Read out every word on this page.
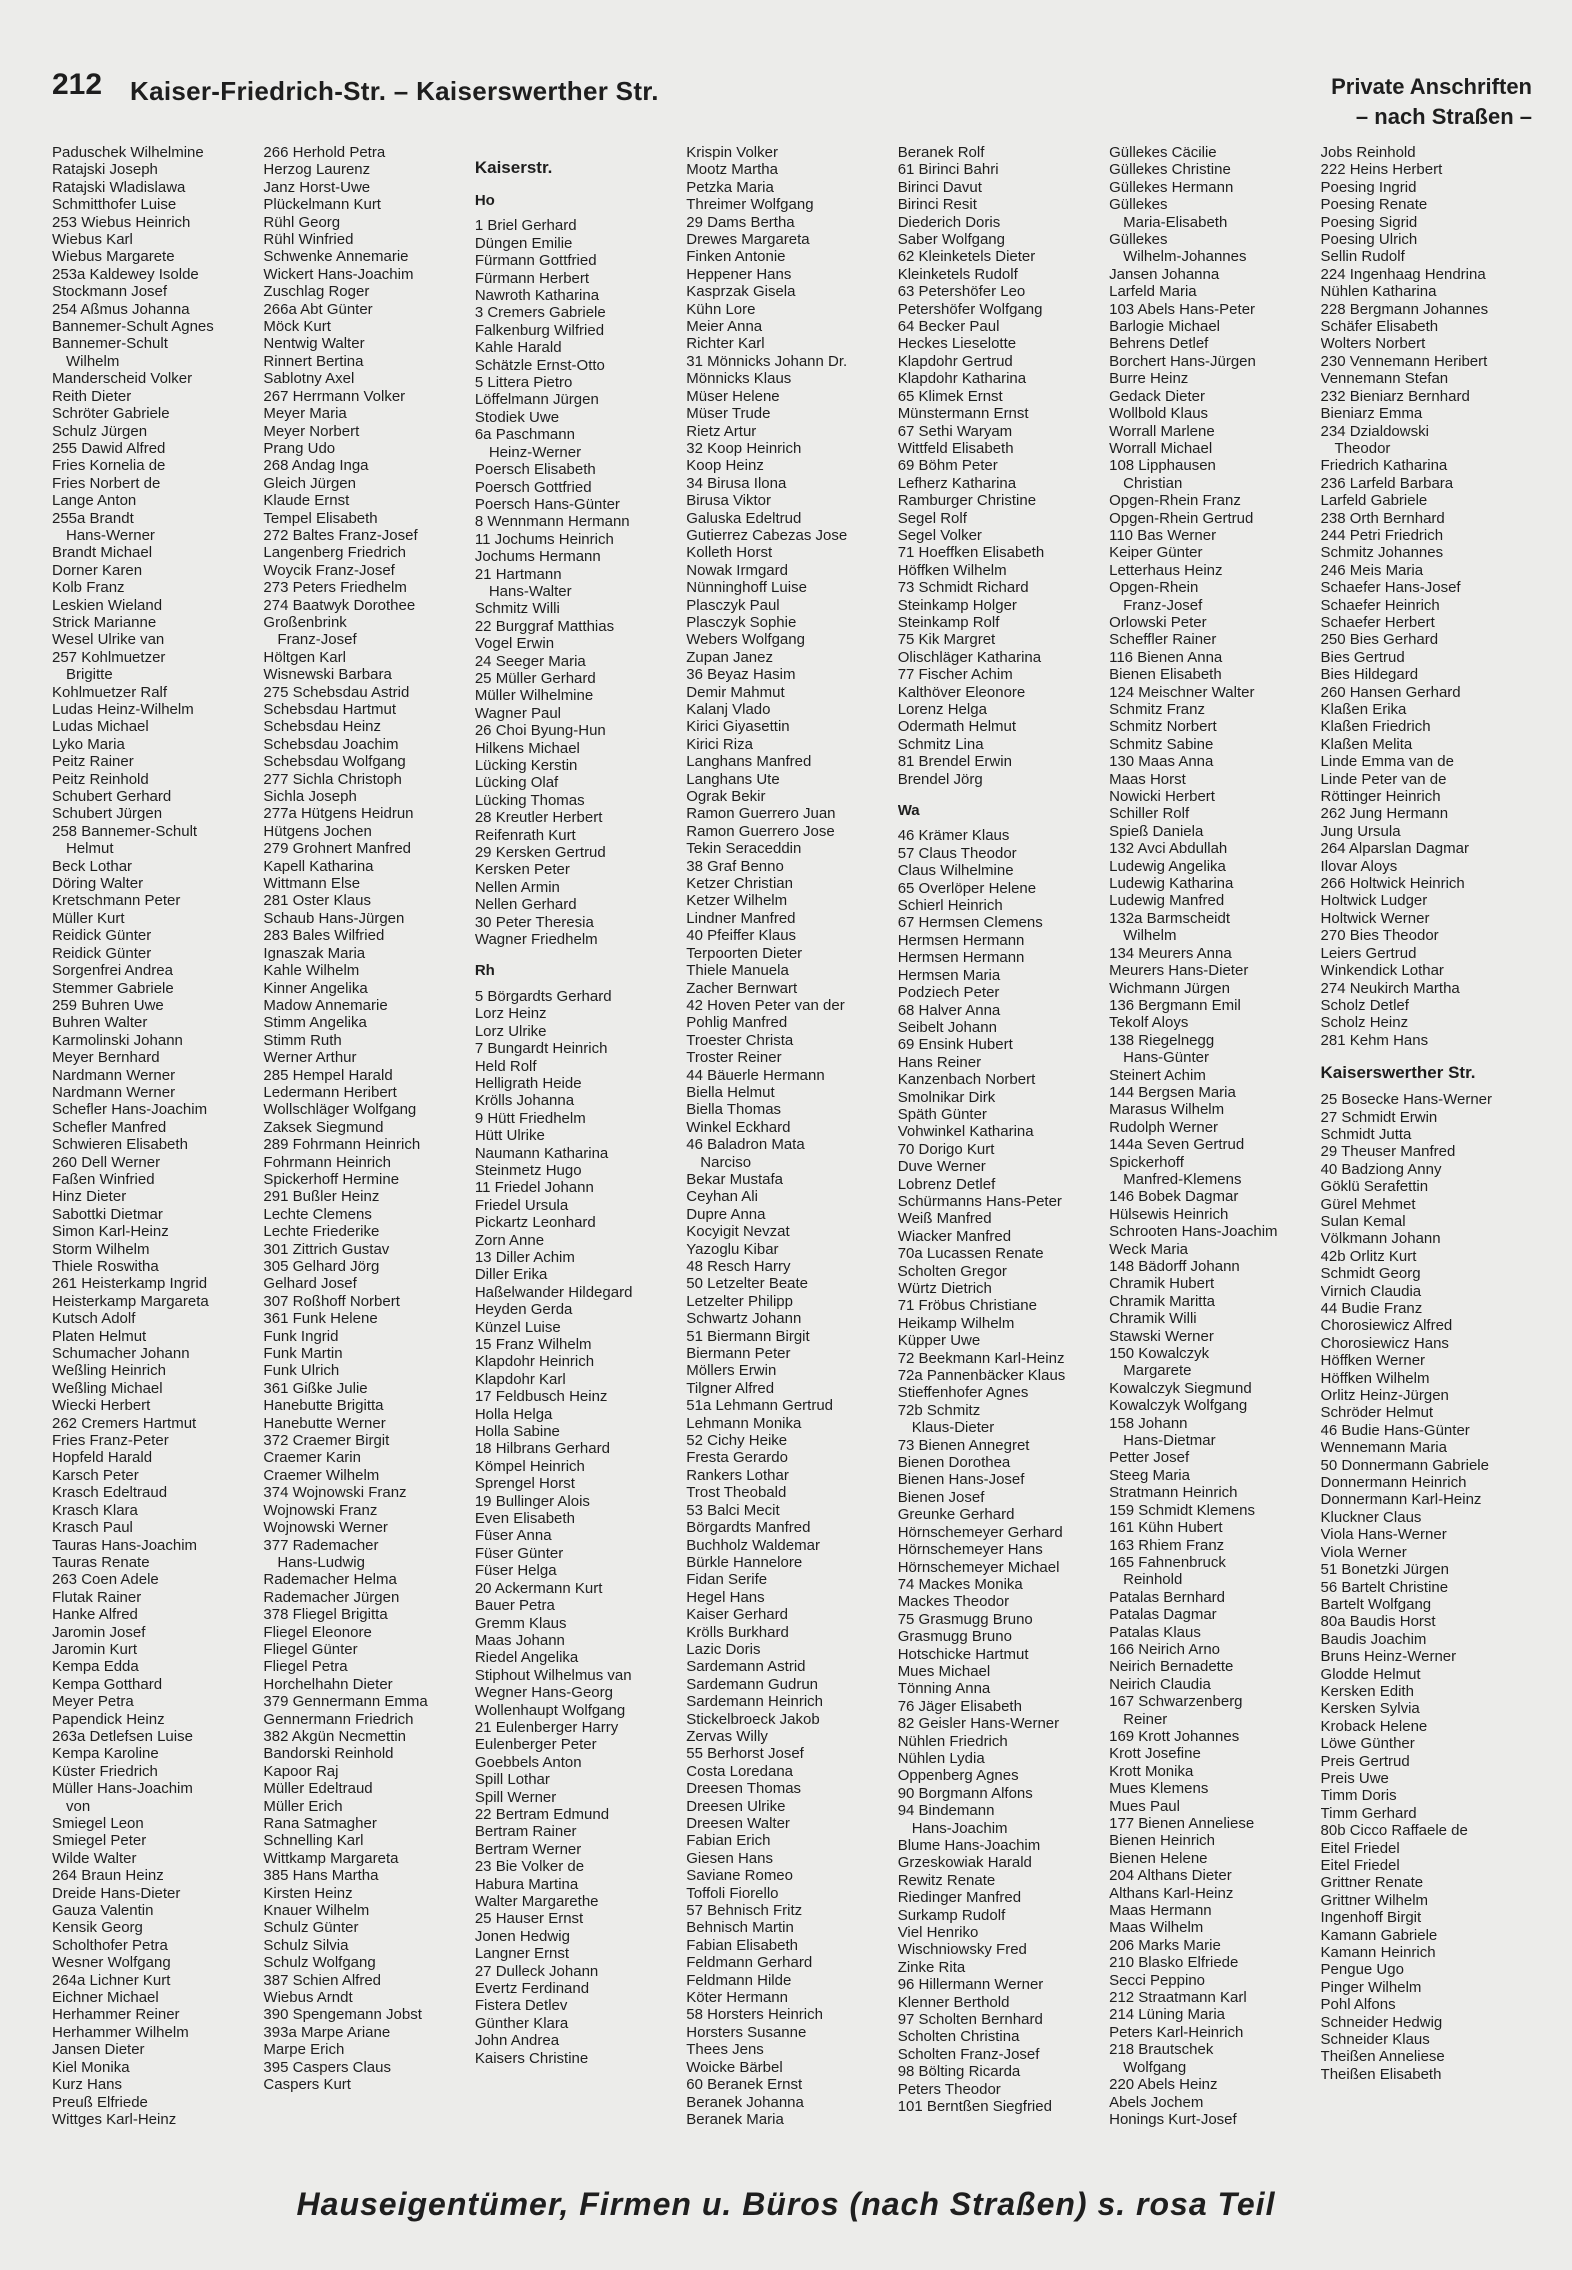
212 Kaiser-Friedrich-Str. – Kaiserswerther Str.	Private Anschriften
– nach Straßen –
Paduschek Wilhelmine
Ratajski Joseph
Ratajski Wladislawa
Schmitthofer Luise
253 Wiebus Heinrich
Wiebus Karl
Wiebus Margarete
253a Kaldewey Isolde
Stockmann Josef
254 Aßmus Johanna
Bannemer-Schult Agnes
Bannemer-Schult
Wilhelm
Manderscheid Volker
Reith Dieter
Schröter Gabriele
Schulz Jürgen
255 Dawid Alfred
Fries Kornelia de
Fries Norbert de
Lange Anton
255a Brandt
Hans-Werner
Brandt Michael
Dorner Karen
Kolb Franz
Leskien Wieland
Strick Marianne
Wesel Ulrike van
257 Kohlmuetzer
Brigitte
Kohlmuetzer Ralf
Ludas Heinz-Wilhelm
Ludas Michael
Lyko Maria
Peitz Rainer
Peitz Reinhold
Schubert Gerhard
Schubert Jürgen
258 Bannemer-Schult
Helmut
Beck Lothar
Döring Walter
Kretschmann Peter
Müller Kurt
Reidick Günter
Reidick Günter
Sorgenfrei Andrea
Stemmer Gabriele
259 Buhren Uwe
Buhren Walter
Karmolinski Johann
Meyer Bernhard
Nardmann Werner
Nardmann Werner
Schefler Hans-Joachim
Schefler Manfred
Schwieren Elisabeth
260 Dell Werner
Faßen Winfried
Hinz Dieter
Sabottki Dietmar
Simon Karl-Heinz
Storm Wilhelm
Thiele Roswitha
261 Heisterkamp Ingrid
Heisterkamp Margareta
Kutsch Adolf
Platen Helmut
Schumacher Johann
Weßling Heinrich
Weßling Michael
Wiecki Herbert
262 Cremers Hartmut
Fries Franz-Peter
Hopfeld Harald
Karsch Peter
Krasch Edeltraud
Krasch Klara
Krasch Paul
Tauras Hans-Joachim
Tauras Renate
263 Coen Adele
Flutak Rainer
Hanke Alfred
Jaromin Josef
Jaromin Kurt
Kempa Edda
Kempa Gotthard
Meyer Petra
Papendick Heinz
263a Detlefsen Luise
Kempa Karoline
Küster Friedrich
Müller Hans-Joachim
von
Smiegel Leon
Smiegel Peter
Wilde Walter
264 Braun Heinz
Dreide Hans-Dieter
Gauza Valentin
Kensik Georg
Scholthofer Petra
Wesner Wolfgang
264a Lichner Kurt
Eichner Michael
Herhammer Reiner
Herhammer Wilhelm
Jansen Dieter
Kiel Monika
Kurz Hans
Preuß Elfriede
Wittges Karl-Heinz
266 Herhold Petra
Herzog Laurenz
Janz Horst-Uwe
Plückelmann Kurt
Rühl Georg
Rühl Winfried
Schwenke Annemarie
Wickert Hans-Joachim
Zuschlag Roger
266a Abt Günter
Möck Kurt
Nentwig Walter
Rinnert Bertina
Sablotny Axel
267 Herrmann Volker
Meyer Maria
Meyer Norbert
Prang Udo
268 Andag Inga
Gleich Jürgen
Klaude Ernst
Tempel Elisabeth
272 Baltes Franz-Josef
Langenberg Friedrich
Woycik Franz-Josef
273 Peters Friedhelm
274 Baatwyk Dorothee
Großenbrink
Franz-Josef
Höltgen Karl
Wisnewski Barbara
275 Schebsdau Astrid
Schebsdau Hartmut
Schebsdau Heinz
Schebsdau Joachim
Schebsdau Wolfgang
277 Sichla Christoph
Sichla Joseph
277a Hütgens Heidrun
Hütgens Jochen
279 Grohnert Manfred
Kapell Katharina
Wittmann Else
281 Oster Klaus
Schaub Hans-Jürgen
283 Bales Wilfried
Ignaszak Maria
Kahle Wilhelm
Kinner Angelika
Madow Annemarie
Stimm Angelika
Stimm Ruth
Werner Arthur
285 Hempel Harald
Ledermann Heribert
Wollschläger Wolfgang
Zaksek Siegmund
289 Fohrmann Heinrich
Fohrmann Heinrich
Spickerhoff Hermine
291 Bußler Heinz
Lechte Clemens
Lechte Friederike
301 Zittrich Gustav
305 Gelhard Jörg
Gelhard Josef
307 Roßhoff Norbert
361 Funk Helene
Funk Ingrid
Funk Martin
Funk Ulrich
361 Gißke Julie
Hanebutte Brigitta
Hanebutte Werner
372 Craemer Birgit
Craemer Karin
Craemer Wilhelm
374 Wojnowski Franz
Wojnowski Franz
Wojnowski Werner
377 Rademacher
Hans-Ludwig
Rademacher Helma
Rademacher Jürgen
378 Fliegel Brigitta
Fliegel Eleonore
Fliegel Günter
Fliegel Petra
Horchelhahn Dieter
379 Gennermann Emma
Gennermann Friedrich
382 Akgün Necmettin
Bandorski Reinhold
Kapoor Raj
Müller Edeltraud
Müller Erich
Rana Satmagher
Schnelling Karl
Wittkamp Margareta
385 Hans Martha
Kirsten Heinz
Knauer Wilhelm
Schulz Günter
Schulz Silvia
Schulz Wolfgang
387 Schien Alfred
Wiebus Arndt
390 Spengemann Jobst
393a Marpe Ariane
Marpe Erich
395 Caspers Claus
Caspers Kurt
Kaiserstr.
Ho
1 Briel Gerhard
Düngen Emilie
Fürmann Gottfried
Fürmann Herbert
Nawroth Katharina
3 Cremers Gabriele
Falkenburg Wilfried
Kahle Harald
Schätzle Ernst-Otto
5 Littera Pietro
Löffelmann Jürgen
Stodiek Uwe
6a Paschmann
Heinz-Werner
Poersch Elisabeth
Poersch Gottfried
Poersch Hans-Günter
8 Wennmann Hermann
11 Jochums Heinrich
Jochums Hermann
21 Hartmann
Hans-Walter
Schmitz Willi
22 Burggraf Matthias
Vogel Erwin
24 Seeger Maria
25 Müller Gerhard
Müller Wilhelmine
Wagner Paul
26 Choi Byung-Hun
Hilkens Michael
Lücking Kerstin
Lücking Olaf
Lücking Thomas
28 Kreutler Herbert
Reifenrath Kurt
29 Kersken Gertrud
Kersken Peter
Nellen Armin
Nellen Gerhard
30 Peter Theresia
Wagner Friedhelm
Rh
5 Börgardts Gerhard
Lorz Heinz
Lorz Ulrike
7 Bungardt Heinrich
Held Rolf
Helligrath Heide
Krölls Johanna
9 Hütt Friedhelm
Hütt Ulrike
Naumann Katharina
Steinmetz Hugo
11 Friedel Johann
Friedel Ursula
Pickartz Leonhard
Zorn Anne
13 Diller Achim
Diller Erika
Haßelwander Hildegard
Heyden Gerda
Künzel Luise
15 Franz Wilhelm
Klapdohr Heinrich
Klapdohr Karl
17 Feldbusch Heinz
Holla Helga
Holla Sabine
18 Hilbrans Gerhard
Kömpel Heinrich
Sprengel Horst
19 Bullinger Alois
Even Elisabeth
Füser Anna
Füser Günter
Füser Helga
20 Ackermann Kurt
Bauer Petra
Gremm Klaus
Maas Johann
Riedel Angelika
Stiphout Wilhelmus van
Wegner Hans-Georg
Wollenhaupt Wolfgang
21 Eulenberger Harry
Eulenberger Peter
Goebbels Anton
Spill Lothar
Spill Werner
22 Bertram Edmund
Bertram Rainer
Bertram Werner
23 Bie Volker de
Habura Martina
Walter Margarethe
25 Hauser Ernst
Jonen Hedwig
Langner Ernst
27 Dulleck Johann
Evertz Ferdinand
Fistera Detlev
Günther Klara
John Andrea
Kaisers Christine
Krispin Volker
Mootz Martha
Petzka Maria
Threimer Wolfgang
29 Dams Bertha
Drewes Margareta
Finken Antonie
Heppener Hans
Kasprzak Gisela
Kühn Lore
Meier Anna
Richter Karl
31 Mönnicks Johann Dr.
Mönnicks Klaus
Müser Helene
Müser Trude
Rietz Artur
32 Koop Heinrich
Koop Heinz
34 Birusa Ilona
Birusa Viktor
Galuska Edeltrud
Gutierrez Cabezas Jose
Kolleth Horst
Nowak Irmgard
Nünninghoff Luise
Plasczyk Paul
Plasczyk Sophie
Webers Wolfgang
Zupan Janez
36 Beyaz Hasim
Demir Mahmut
Kalanj Vlado
Kirici Giyasettin
Kirici Riza
Langhans Manfred
Langhans Ute
Ograk Bekir
Ramon Guerrero Juan
Ramon Guerrero Jose
Tekin Seraceddin
38 Graf Benno
Ketzer Christian
Ketzer Wilhelm
Lindner Manfred
40 Pfeiffer Klaus
Terpoorten Dieter
Thiele Manuela
Zacher Bernwart
42 Hoven Peter van der
Pohlig Manfred
Troester Christa
Troster Reiner
44 Bäuerle Hermann
Biella Helmut
Biella Thomas
Winkel Eckhard
46 Baladron Mata
Narciso
Bekar Mustafa
Ceyhan Ali
Dupre Anna
Kocyigit Nevzat
Yazoglu Kibar
48 Resch Harry
50 Letzelter Beate
Letzelter Philipp
Schwartz Johann
51 Biermann Birgit
Biermann Peter
Möllers Erwin
Tilgner Alfred
51a Lehmann Gertrud
Lehmann Monika
52 Cichy Heike
Fresta Gerardo
Rankers Lothar
Trost Theobald
53 Balci Mecit
Börgardts Manfred
Buchholz Waldemar
Bürkle Hannelore
Fidan Serife
Hegel Hans
Kaiser Gerhard
Krölls Burkhard
Lazic Doris
Sardemann Astrid
Sardemann Gudrun
Sardemann Heinrich
Stickelbroeck Jakob
Zervas Willy
55 Berhorst Josef
Costa Loredana
Dreesen Thomas
Dreesen Ulrike
Dreesen Walter
Fabian Erich
Giesen Hans
Saviane Romeo
Toffoli Fiorello
57 Behnisch Fritz
Behnisch Martin
Fabian Elisabeth
Feldmann Gerhard
Feldmann Hilde
Köter Hermann
58 Horsters Heinrich
Horsters Susanne
Thees Jens
Woicke Bärbel
60 Beranek Ernst
Beranek Johanna
Beranek Maria
Beranek Rolf
61 Birinci Bahri
Birinci Davut
Birinci Resit
Diederich Doris
Saber Wolfgang
62 Kleinketels Dieter
Kleinketels Rudolf
63 Petershöfer Leo
Petershöfer Wolfgang
64 Becker Paul
Heckes Lieselotte
Klapdohr Gertrud
Klapdohr Katharina
65 Klimek Ernst
Münstermann Ernst
67 Sethi Waryam
Wittfeld Elisabeth
69 Böhm Peter
Lefherz Katharina
Ramburger Christine
Segel Rolf
Segel Volker
71 Hoeffken Elisabeth
Höffken Wilhelm
73 Schmidt Richard
Steinkamp Holger
Steinkamp Rolf
75 Kik Margret
Olischläger Katharina
77 Fischer Achim
Kalthöver Eleonore
Lorenz Helga
Odermath Helmut
Schmitz Lina
81 Brendel Erwin
Brendel Jörg
Wa
46 Krämer Klaus
57 Claus Theodor
Claus Wilhelmine
65 Overlöper Helene
Schierl Heinrich
67 Hermsen Clemens
Hermsen Hermann
Hermsen Hermann
Hermsen Maria
Podziech Peter
68 Halver Anna
Seibelt Johann
69 Ensink Hubert
Hans Reiner
Kanzenbach Norbert
Smolnikar Dirk
Späth Günter
Vohwinkel Katharina
70 Dorigo Kurt
Duve Werner
Lobrenz Detlef
Schürmanns Hans-Peter
Weiß Manfred
Wiacker Manfred
70a Lucassen Renate
Scholten Gregor
Würtz Dietrich
71 Fröbus Christiane
Heikamp Wilhelm
Küpper Uwe
72 Beekmann Karl-Heinz
72a Pannenbäcker Klaus
Stieffenhofer Agnes
72b Schmitz
Klaus-Dieter
73 Bienen Annegret
Bienen Dorothea
Bienen Hans-Josef
Bienen Josef
Greunke Gerhard
Hörnschemeyer Gerhard
Hörnschemeyer Hans
Hörnschemeyer Michael
74 Mackes Monika
Mackes Theodor
75 Grasmugg Bruno
Grasmugg Bruno
Hotschicke Hartmut
Mues Michael
Tönning Anna
76 Jäger Elisabeth
82 Geisler Hans-Werner
Nühlen Friedrich
Nühlen Lydia
Oppenberg Agnes
90 Borgmann Alfons
94 Bindemann
Hans-Joachim
Blume Hans-Joachim
Grzeskowiak Harald
Rewitz Renate
Riedinger Manfred
Surkamp Rudolf
Viel Henriko
Wischniowsky Fred
Zinke Rita
96 Hillermann Werner
Klenner Berthold
97 Scholten Bernhard
Scholten Christina
Scholten Franz-Josef
98 Bölting Ricarda
Peters Theodor
101 Berntßen Siegfried
Güllekes Cäcilie
Güllekes Christine
Güllekes Hermann
Güllekes
Maria-Elisabeth
Güllekes
Wilhelm-Johannes
Jansen Johanna
Larfeld Maria
103 Abels Hans-Peter
Barlogie Michael
Behrens Detlef
Borchert Hans-Jürgen
Burre Heinz
Gedack Dieter
Wollbold Klaus
Worrall Marlene
Worrall Michael
108 Lipphausen
Christian
Opgen-Rhein Franz
Opgen-Rhein Gertrud
110 Bas Werner
Keiper Günter
Letterhaus Heinz
Opgen-Rhein
Franz-Josef
Orlowski Peter
Scheffler Rainer
116 Bienen Anna
Bienen Elisabeth
124 Meischner Walter
Schmitz Franz
Schmitz Norbert
Schmitz Sabine
130 Maas Anna
Maas Horst
Nowicki Herbert
Schiller Rolf
Spieß Daniela
132 Avci Abdullah
Ludewig Angelika
Ludewig Katharina
Ludewig Manfred
132a Barmscheidt
Wilhelm
134 Meurers Anna
Meurers Hans-Dieter
Wichmann Jürgen
136 Bergmann Emil
Tekolf Aloys
138 Riegelnegg
Hans-Günter
Steinert Achim
144 Bergsen Maria
Marasus Wilhelm
Rudolph Werner
144a Seven Gertrud
Spickerhoff
Manfred-Klemens
146 Bobek Dagmar
Hülsewis Heinrich
Schrooten Hans-Joachim
Weck Maria
148 Bädorff Johann
Chramik Hubert
Chramik Maritta
Chramik Willi
Stawski Werner
150 Kowalczyk
Margarete
Kowalczyk Siegmund
Kowalczyk Wolfgang
158 Johann
Hans-Dietmar
Petter Josef
Steeg Maria
Stratmann Heinrich
159 Schmidt Klemens
161 Kühn Hubert
163 Rhiem Franz
165 Fahnenbruck
Reinhold
Patalas Bernhard
Patalas Dagmar
Patalas Klaus
166 Neirich Arno
Neirich Bernadette
Neirich Claudia
167 Schwarzenberg
Reiner
169 Krott Johannes
Krott Josefine
Krott Monika
Mues Klemens
Mues Paul
177 Bienen Anneliese
Bienen Heinrich
Bienen Helene
204 Althans Dieter
Althans Karl-Heinz
Maas Hermann
Maas Wilhelm
206 Marks Marie
210 Blasko Elfriede
Secci Peppino
212 Straatmann Karl
214 Lüning Maria
Peters Karl-Heinrich
218 Brautschek
Wolfgang
220 Abels Heinz
Abels Jochem
Honings Kurt-Josef
Jobs Reinhold
222 Heins Herbert
Poesing Ingrid
Poesing Renate
Poesing Sigrid
Poesing Ulrich
Sellin Rudolf
224 Ingenhaag Hendrina
Nühlen Katharina
228 Bergmann Johannes
Schäfer Elisabeth
Wolters Norbert
230 Vennemann Heribert
Vennemann Stefan
232 Bieniarz Bernhard
Bieniarz Emma
234 Dzialdowski
Theodor
Friedrich Katharina
236 Larfeld Barbara
Larfeld Gabriele
238 Orth Bernhard
244 Petri Friedrich
Schmitz Johannes
246 Meis Maria
Schaefer Hans-Josef
Schaefer Heinrich
Schaefer Herbert
250 Bies Gerhard
Bies Gertrud
Bies Hildegard
260 Hansen Gerhard
Klaßen Erika
Klaßen Friedrich
Klaßen Melita
Linde Emma van de
Linde Peter van de
Röttinger Heinrich
262 Jung Hermann
Jung Ursula
264 Alparslan Dagmar
Ilovar Aloys
266 Holtwick Heinrich
Holtwick Ludger
Holtwick Werner
270 Bies Theodor
Leiers Gertrud
Winkendick Lothar
274 Neukirch Martha
Scholz Detlef
Scholz Heinz
281 Kehm Hans
Kaiserswerther Str.
25 Bosecke Hans-Werner
27 Schmidt Erwin
Schmidt Jutta
29 Theuser Manfred
40 Badziong Anny
Göklü Serafettin
Gürel Mehmet
Sulan Kemal
Völkmann Johann
42b Orlitz Kurt
Schmidt Georg
Virnich Claudia
44 Budie Franz
Chorosiewicz Alfred
Chorosiewicz Hans
Höffken Werner
Höffken Wilhelm
Orlitz Heinz-Jürgen
Schröder Helmut
46 Budie Hans-Günter
Wennemann Maria
50 Donnermann Gabriele
Donnermann Heinrich
Donnermann Karl-Heinz
Kluckner Claus
Viola Hans-Werner
Viola Werner
51 Bonetzki Jürgen
56 Bartelt Christine
Bartelt Wolfgang
80a Baudis Horst
Baudis Joachim
Bruns Heinz-Werner
Glodde Helmut
Kersken Edith
Kersken Sylvia
Kroback Helene
Löwe Günther
Preis Gertrud
Preis Uwe
Timm Doris
Timm Gerhard
80b Cicco Raffaele de
Eitel Friedel
Eitel Friedel
Grittner Renate
Grittner Wilhelm
Ingenhoff Birgit
Kamann Gabriele
Kamann Heinrich
Pengue Ugo
Pinger Wilhelm
Pohl Alfons
Schneider Hedwig
Schneider Klaus
Theißen Anneliese
Theißen Elisabeth
Hauseigentümer, Firmen u. Büros (nach Straßen) s. rosa Teil
